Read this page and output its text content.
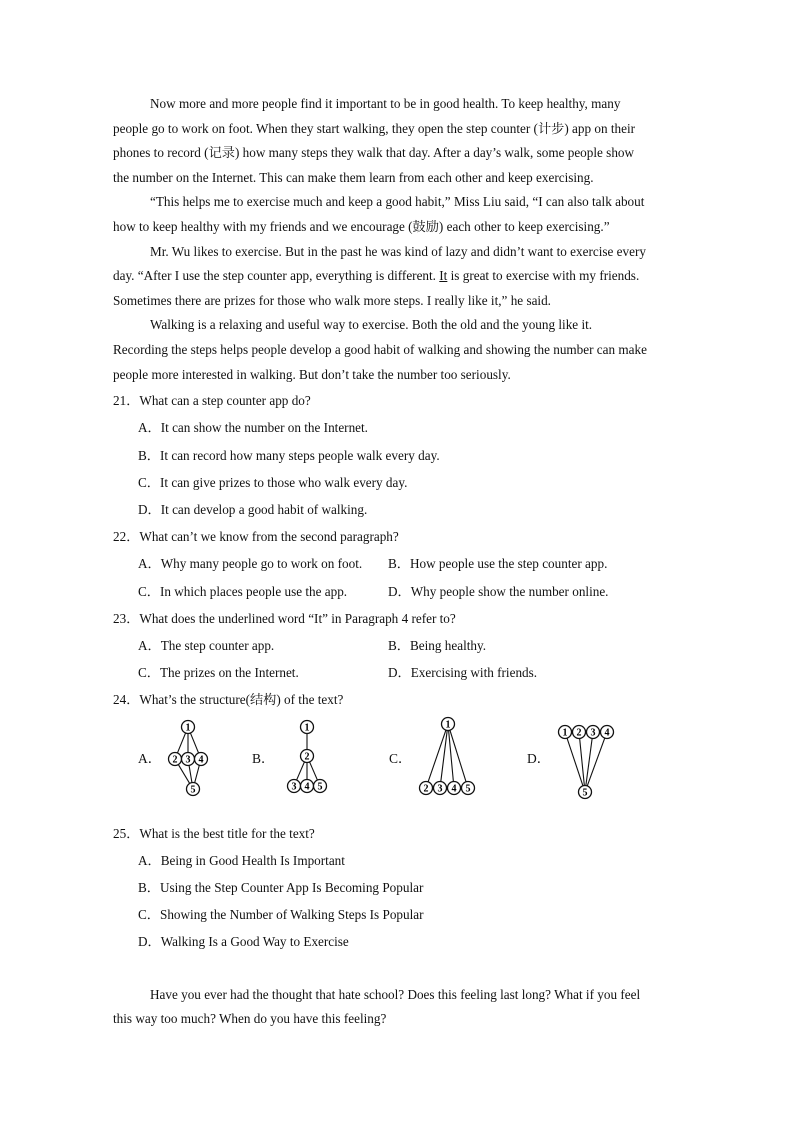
Now more and more people find it important to be in good health. To keep healthy, many
people go to work on foot. When they start walking, they open the step counter (计步) app on their
phones to record (记录) how many steps they walk that day. After a day’s walk, some people show
the number on the Internet. This can make them learn from each other and keep exercising.

“This helps me to exercise much and keep a good habit,” Miss Liu said, “I can also talk about
how to keep healthy with my friends and we encourage (鼓励) each other to keep exercising.”

Mr. Wu likes to exercise. But in the past he was kind of lazy and didn’t want to exercise every
day. “After I use the step counter app, everything is different. It is great to exercise with my friends.
Sometimes there are prizes for those who walk more steps. I really like it,” he said.

Walking is a relaxing and useful way to exercise. Both the old and the young like it.
Recording the steps helps people develop a good habit of walking and showing the number can make
people more interested in walking. But don’t take the number too seriously.

21．What can a step counter app do?
A．It can show the number on the Internet.
B．It can record how many steps people walk every day.
C．It can give prizes to those who walk every day.
D．It can develop a good habit of walking.
22．What can’t we know from the second paragraph?
A．Why many people go to work on foot.	B．How people use the step counter app.
C．In which places people use the app.	D．Why people show the number online.
23．What does the underlined word “It” in Paragraph 4 refer to?
A．The step counter app.	B．Being healthy.
C．The prizes on the Internet.	D．Exercising with friends.
24．What’s the structure(结构) of the text?
A．	B．	C．	D．
1
2 3 4
5
1
2
3 4 5
1
2 3 4 5
1 2 3 4
5
25．What is the best title for the text?
A．Being in Good Health Is Important
B．Using the Step Counter App Is Becoming Popular
C．Showing the Number of Walking Steps Is Popular
D．Walking Is a Good Way to Exercise

Have you ever had the thought that hate school? Does this feeling last long? What if you feel
this way too much? When do you have this feeling?
